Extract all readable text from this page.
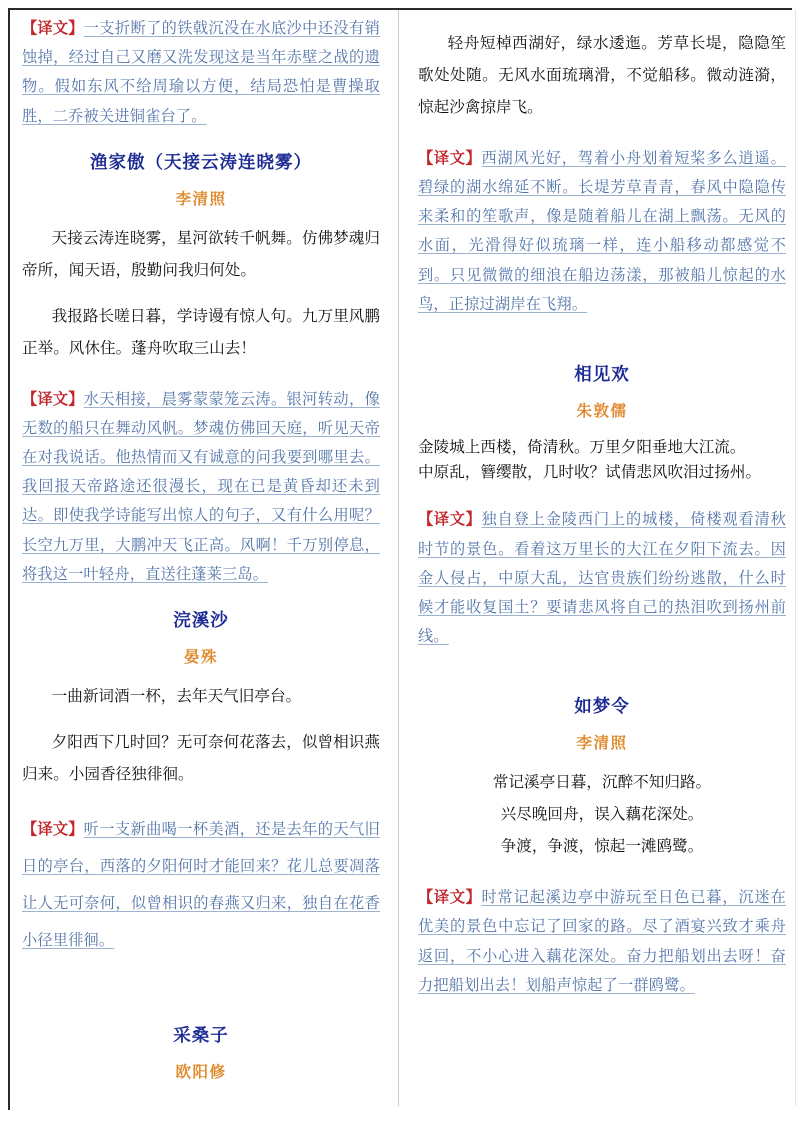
【译文】一支折断了的铁戟沉没在水底沙中还没有销蚀掉，经过自己又磨又洗发现这是当年赤壁之战的遗物。假如东风不给周瑜以方便，结局恐怕是曹操取胜，二乔被关进铜雀台了。

渔家傲（天接云涛连晓雾）

李清照

天接云涛连晓雾，星河欲转千帆舞。仿佛梦魂归帝所，闻天语，殷勤问我归何处。
我报路长嗟日暮，学诗谩有惊人句。九万里风鹏正举。风休住。蓬舟吹取三山去！

【译文】水天相接，晨雾蒙蒙笼云涛。银河转动，像无数的船只在舞动风帆。梦魂仿佛回天庭，听见天帝在对我说话。他热情而又有诚意的问我要到哪里去。我回报天帝路途还很漫长，现在已是黄昏却还未到达。即使我学诗能写出惊人的句子，又有什么用呢？长空九万里，大鹏冲天飞正高。风啊！千万别停息，将我这一叶轻舟，直送往蓬莱三岛。

浣溪沙

晏殊

一曲新词酒一杯，去年天气旧亭台。
夕阳西下几时回？无可奈何花落去，似曾相识燕归来。小园香径独徘徊。

【译文】听一支新曲喝一杯美酒，还是去年的天气旧日的亭台，西落的夕阳何时才能回来？花儿总要凋落让人无可奈何，似曾相识的春燕又归来，独自在花香小径里徘徊。

采桑子

欧阳修

轻舟短棹西湖好，绿水逶迤。芳草长堤，隐隐笙歌处处随。无风水面琉璃滑，不觉船移。微动涟漪，惊起沙禽掠岸飞。

【译文】西湖风光好，驾着小舟划着短桨多么逍遥。碧绿的湖水绵延不断。长堤芳草青青，春风中隐隐传来柔和的笙歌声，像是随着船儿在湖上飘荡。无风的水面，光滑得好似琉璃一样，连小船移动都感觉不到。只见微微的细浪在船边荡漾，那被船儿惊起的水鸟，正掠过湖岸在飞翔。

相见欢

朱敦儒

金陵城上西楼，倚清秋。万里夕阳垂地大江流。
中原乱，簪缨散，几时收？试倩悲风吹泪过扬州。

【译文】独自登上金陵西门上的城楼，倚楼观看清秋时节的景色。看着这万里长的大江在夕阳下流去。因金人侵占，中原大乱，达官贵族们纷纷逃散，什么时候才能收复国土？要请悲风将自己的热泪吹到扬州前线。

如梦令

李清照

常记溪亭日暮，沉醉不知归路。
兴尽晚回舟，误入藕花深处。
争渡，争渡，惊起一滩鸥鹭。

【译文】时常记起溪边亭中游玩至日色已暮，沉迷在优美的景色中忘记了回家的路。尽了酒宴兴致才乘舟返回，不小心进入藕花深处。奋力把船划出去呀！奋力把船划出去！划船声惊起了一群鸥鹭。
